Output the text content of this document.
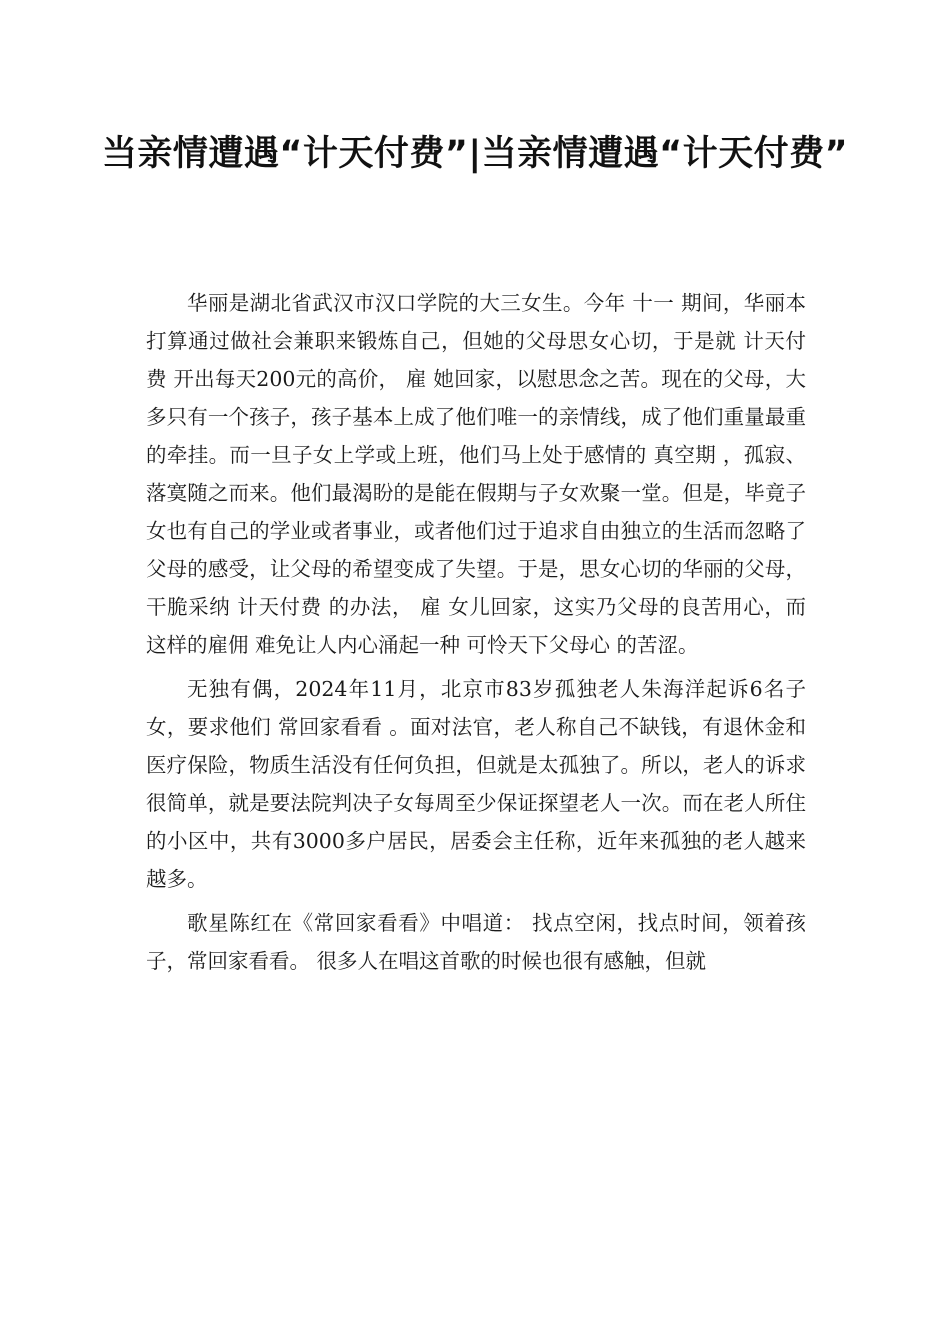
当亲情遭遇“计天付费”|当亲情遭遇“计天付费”

华丽是湖北省武汉市汉口学院的大三女生。今年 十一 期间，华丽本打算通过做社会兼职来锻炼自己，但她的父母思女心切，于是就 计天付费 开出每天200元的高价， 雇 她回家，以慰思念之苦。现在的父母，大多只有一个孩子，孩子基本上成了他们唯一的亲情线，成了他们重量最重的牵挂。而一旦子女上学或上班，他们马上处于感情的 真空期 ，孤寂、落寞随之而来。他们最渴盼的是能在假期与子女欢聚一堂。但是，毕竟子女也有自己的学业或者事业，或者他们过于追求自由独立的生活而忽略了父母的感受，让父母的希望变成了失望。于是，思女心切的华丽的父母，干脆采纳 计天付费 的办法， 雇 女儿回家，这实乃父母的良苦用心，而这样的雇佣 难免让人内心涌起一种 可怜天下父母心 的苦涩。

无独有偶，2024年11月，北京市83岁孤独老人朱海洋起诉6名子女，要求他们 常回家看看 。面对法官，老人称自己不缺钱，有退休金和医疗保险，物质生活没有任何负担，但就是太孤独了。所以，老人的诉求很简单，就是要法院判决子女每周至少保证探望老人一次。而在老人所住的小区中，共有3000多户居民，居委会主任称，近年来孤独的老人越来越多。

歌星陈红在《常回家看看》中唱道： 找点空闲，找点时间，领着孩子，常回家看看。 很多人在唱这首歌的时候也很有感触，但就
